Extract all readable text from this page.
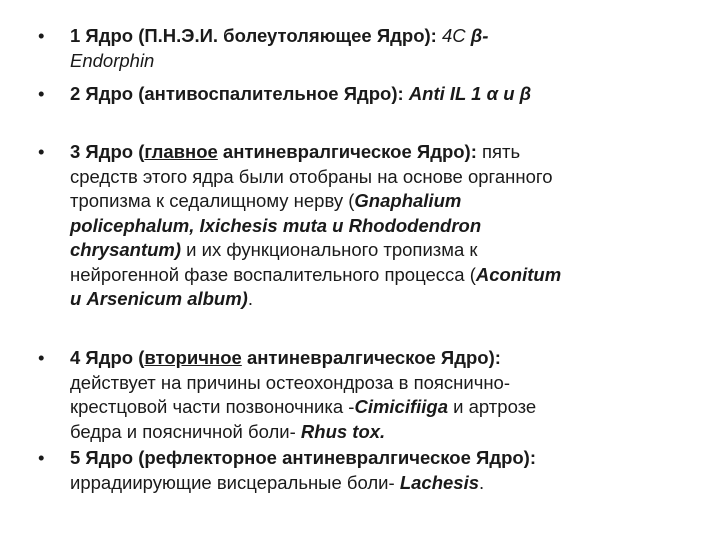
•	1 Ядро (П.Н.Э.И. болеутоляющее Ядро): 4С β-
Endorphin
•	2 Ядро (антивоспалительное Ядро): Anti IL 1 α и β
•	3 Ядро (главное антиневралгическое Ядро): пять
средств этого ядра были отобраны на основе органного
тропизма к седалищному нерву (Gnaphalium
policephalum, Ixichesis muta и Rhododendron
chrysantum) и их функционального тропизма к
нейрогенной фазе воспалительного процесса (Aconitum
и Arsenicum album).
•	4 Ядро (вторичное антиневралгическое Ядро):
действует на причины остеохондроза в пояснично-
крестцовой части позвоночника -Cimicifiiga и артрозе
бедра и поясничной боли- Rhus tox.
•	5 Ядро (рефлекторное антиневралгическое Ядро):
иррадиирующие висцеральные боли- Lachesis.
